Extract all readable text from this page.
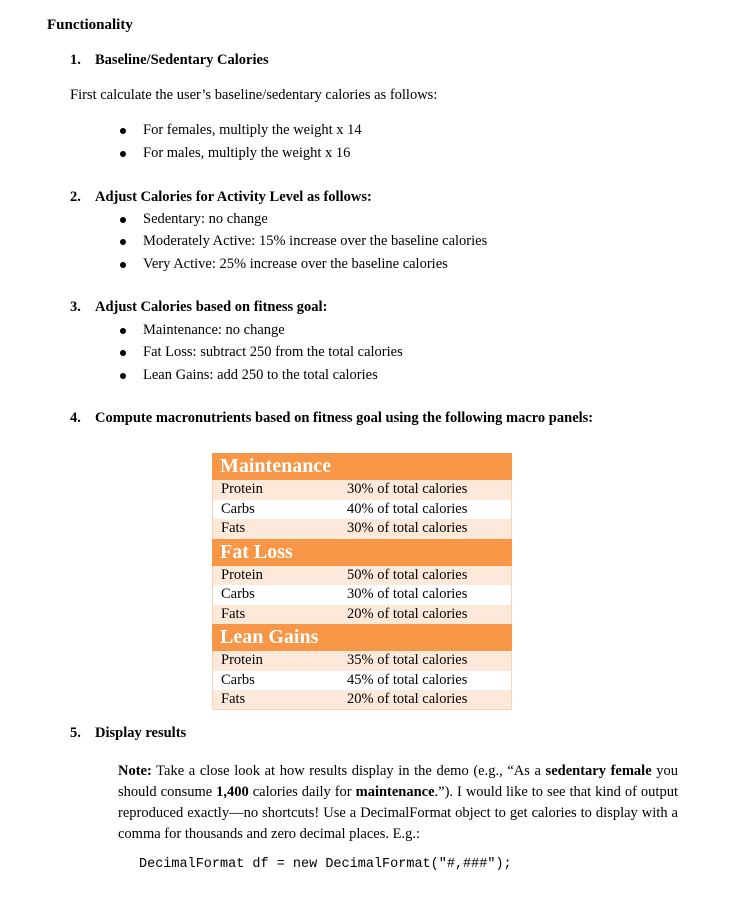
Functionality
1. Baseline/Sedentary Calories
First calculate the user’s baseline/sedentary calories as follows:
For females, multiply the weight x 14
For males, multiply the weight x 16
2. Adjust Calories for Activity Level as follows:
Sedentary: no change
Moderately Active: 15% increase over the baseline calories
Very Active: 25% increase over the baseline calories
3. Adjust Calories based on fitness goal:
Maintenance: no change
Fat Loss: subtract 250 from the total calories
Lean Gains: add 250 to the total calories
4. Compute macronutrients based on fitness goal using the following macro panels:
Maintenance
Protein	30% of total calories
Carbs	40% of total calories
Fats	30% of total calories
Fat Loss
Protein	50% of total calories
Carbs	30% of total calories
Fats	20% of total calories
Lean Gains
Protein	35% of total calories
Carbs	45% of total calories
Fats	20% of total calories
5. Display results
Note: Take a close look at how results display in the demo (e.g., “As a sedentary female you should consume 1,400 calories daily for maintenance.”). I would like to see that kind of output reproduced exactly—no shortcuts! Use a DecimalFormat object to get calories to display with a comma for thousands and zero decimal places. E.g.:
DecimalFormat df = new DecimalFormat("#,###");
